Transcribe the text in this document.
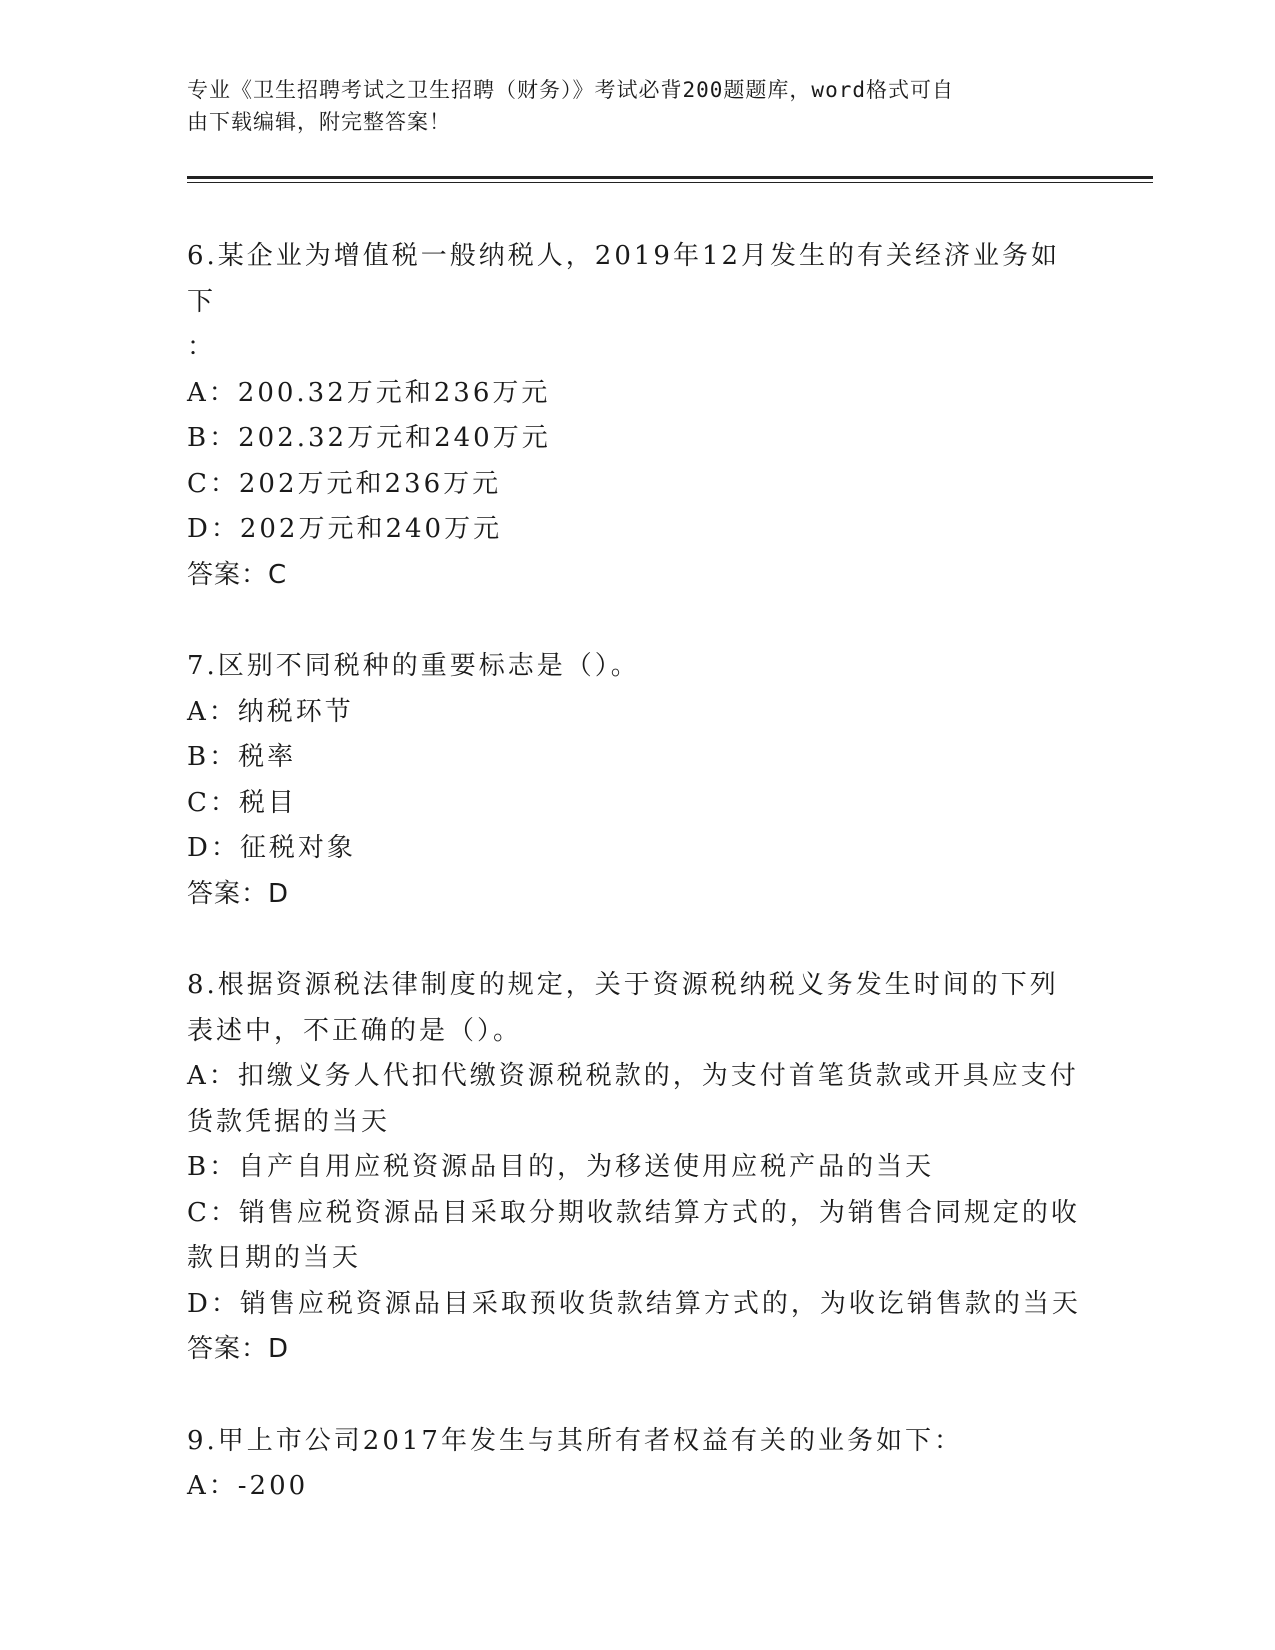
专业《卫生招聘考试之卫生招聘（财务）》考试必背200题题库，word格式可自
由下载编辑，附完整答案！
6.某企业为增值税一般纳税人，2019年12月发生的有关经济业务如下
：
A：200.32万元和236万元
B：202.32万元和240万元
C：202万元和236万元
D：202万元和240万元
答案：C
7.区别不同税种的重要标志是（）。
A：纳税环节
B：税率
C：税目
D：征税对象
答案：D
8.根据资源税法律制度的规定，关于资源税纳税义务发生时间的下列
表述中，不正确的是（）。
A：扣缴义务人代扣代缴资源税税款的，为支付首笔货款或开具应支付
货款凭据的当天
B：自产自用应税资源品目的，为移送使用应税产品的当天
C：销售应税资源品目采取分期收款结算方式的，为销售合同规定的收
款日期的当天
D：销售应税资源品目采取预收货款结算方式的，为收讫销售款的当天
答案：D
9.甲上市公司2017年发生与其所有者权益有关的业务如下：
A：-200
